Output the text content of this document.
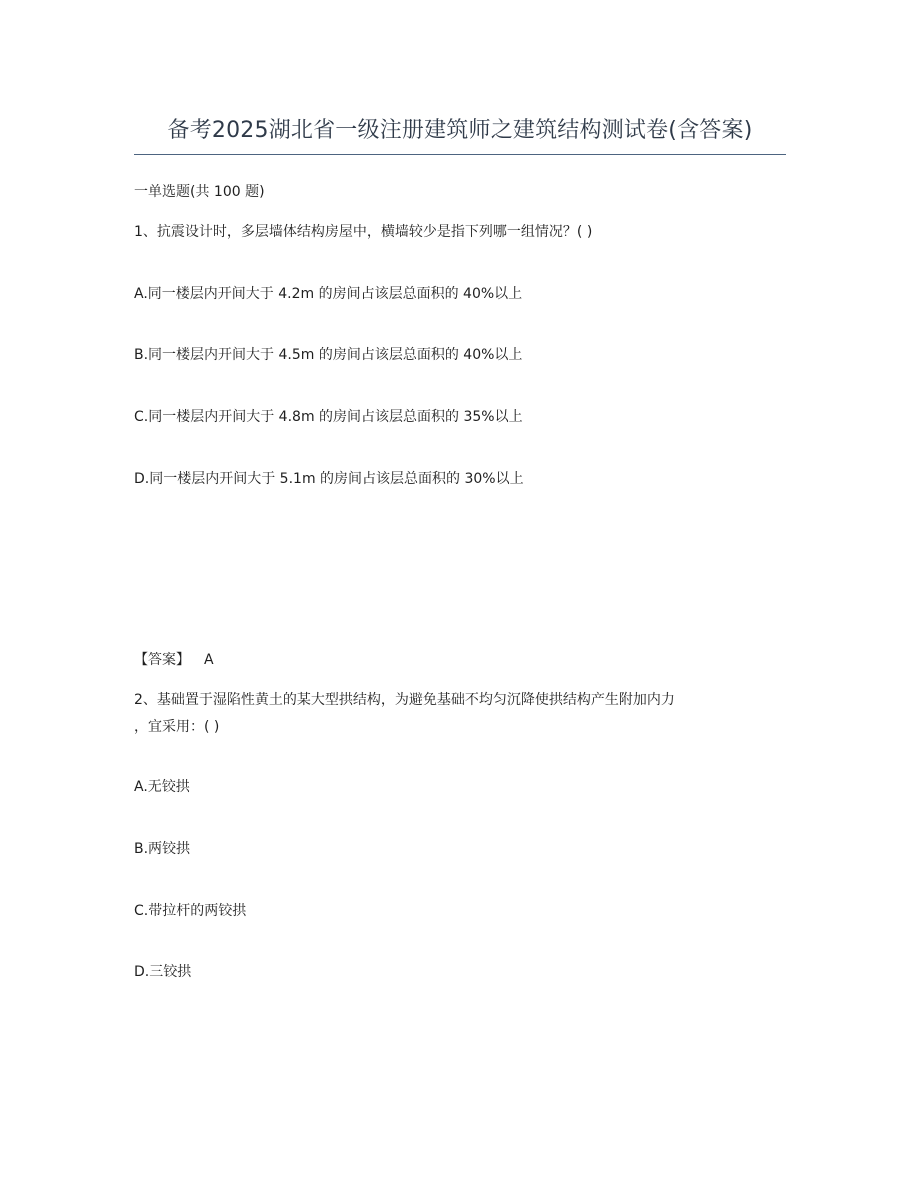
备考2025湖北省一级注册建筑师之建筑结构测试卷(含答案)
一单选题(共 100 题)
1、抗震设计时，多层墙体结构房屋中，横墙较少是指下列哪一组情况？( )
A.同一楼层内开间大于 4.2m 的房间占该层总面积的 40%以上
B.同一楼层内开间大于 4.5m 的房间占该层总面积的 40%以上
C.同一楼层内开间大于 4.8m 的房间占该层总面积的 35%以上
D.同一楼层内开间大于 5.1m 的房间占该层总面积的 30%以上
【答案】 A
2、基础置于湿陷性黄土的某大型拱结构，为避免基础不均匀沉降使拱结构产生附加内力
，宜采用：( )
A.无铰拱
B.两铰拱
C.带拉杆的两铰拱
D.三铰拱
